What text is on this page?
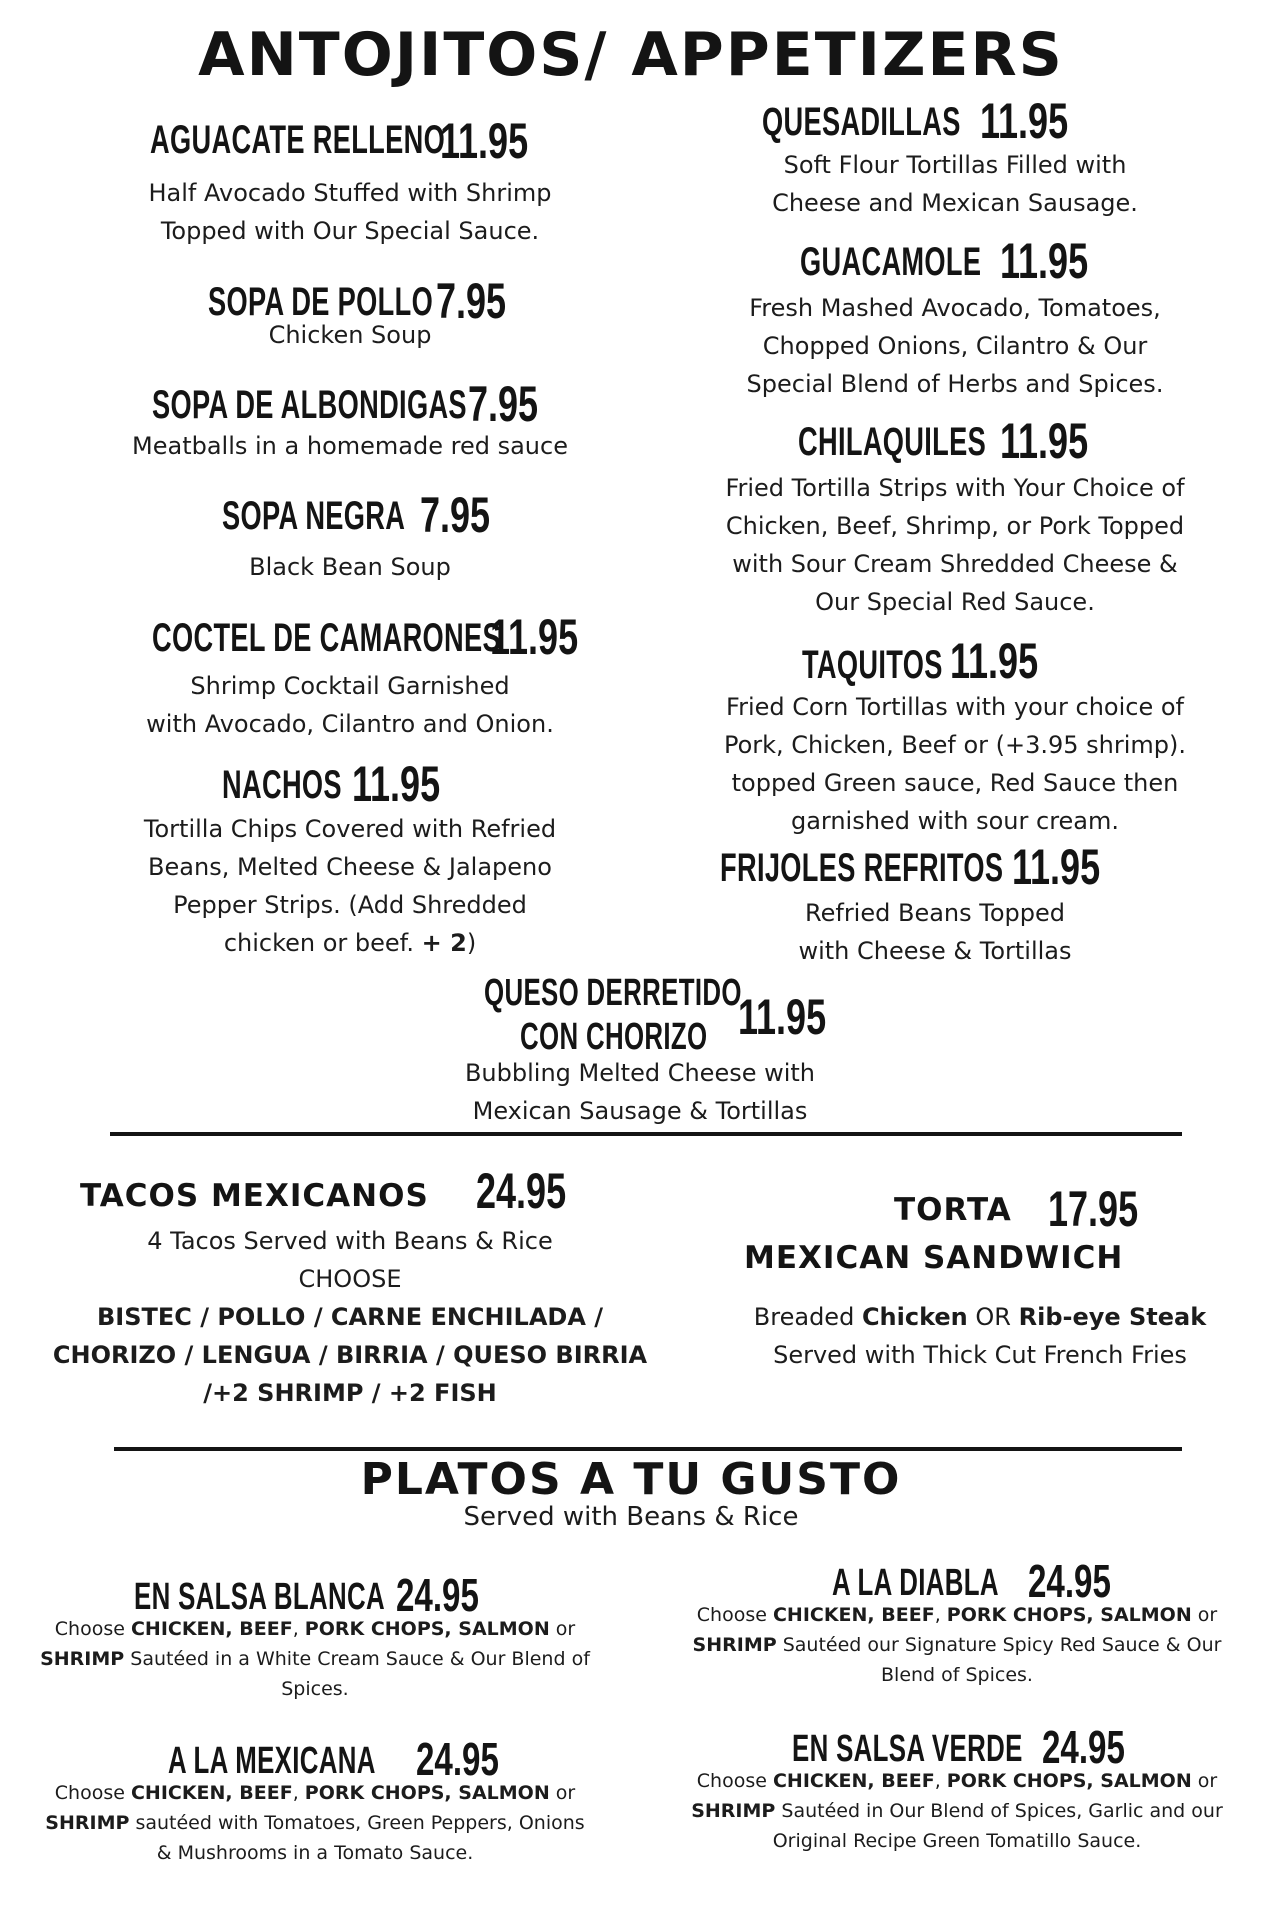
ANTOJITOS/ APPETIZERS
AGUACATE RELLENO
11.95
Half Avocado Stuffed with Shrimp
Topped with Our Special Sauce.
SOPA DE POLLO 7.95
Chicken Soup
SOPA DE ALBONDIGAS 7.95
Meatballs in a homemade red sauce
SOPA NEGRA 7.95
Black Bean Soup
COCTEL DE CAMARONES
11.95
Shrimp Cocktail Garnished
with Avocado, Cilantro and Onion.
NACHOS 11.95
Tortilla Chips Covered with Refried
Beans, Melted Cheese & Jalapeno
Pepper Strips. (Add Shredded
chicken or beef. + 2)
QUESADILLAS 11.95
Soft Flour Tortillas Filled with
Cheese and Mexican Sausage.
GUACAMOLE 11.95
Fresh Mashed Avocado, Tomatoes,
Chopped Onions, Cilantro & Our
Special Blend of Herbs and Spices.
CHILAQUILES 11.95
Fried Tortilla Strips with Your Choice of
Chicken, Beef, Shrimp, or Pork Topped
with Sour Cream Shredded Cheese &
Our Special Red Sauce.
TAQUITOS 11.95
Fried Corn Tortillas with your choice of
Pork, Chicken, Beef or (+3.95 shrimp).
topped Green sauce, Red Sauce then
garnished with sour cream.
FRIJOLES REFRITOS 11.95
Refried Beans Topped
with Cheese & Tortillas
QUESO DERRETIDO
CON CHORIZO 11.95
Bubbling Melted Cheese with
Mexican Sausage & Tortillas
TACOS MEXICANOS 24.95
4 Tacos Served with Beans & Rice
CHOOSE
BISTEC / POLLO / CARNE ENCHILADA /
CHORIZO / LENGUA / BIRRIA / QUESO BIRRIA
/+2 SHRIMP / +2 FISH
TORTA 17.95
MEXICAN SANDWICH
Breaded Chicken OR Rib-eye Steak
Served with Thick Cut French Fries
PLATOS A TU GUSTO
Served with Beans & Rice
EN SALSA BLANCA 24.95
Choose CHICKEN, BEEF, PORK CHOPS, SALMON or
SHRIMP Sautéed in a White Cream Sauce & Our Blend of
Spices.
A LA MEXICANA 24.95
Choose CHICKEN, BEEF, PORK CHOPS, SALMON or
SHRIMP sautéed with Tomatoes, Green Peppers, Onions
& Mushrooms in a Tomato Sauce.
A LA DIABLA 24.95
Choose CHICKEN, BEEF, PORK CHOPS, SALMON or
SHRIMP Sautéed our Signature Spicy Red Sauce & Our
Blend of Spices.
EN SALSA VERDE 24.95
Choose CHICKEN, BEEF, PORK CHOPS, SALMON or
SHRIMP Sautéed in Our Blend of Spices, Garlic and our
Original Recipe Green Tomatillo Sauce.
